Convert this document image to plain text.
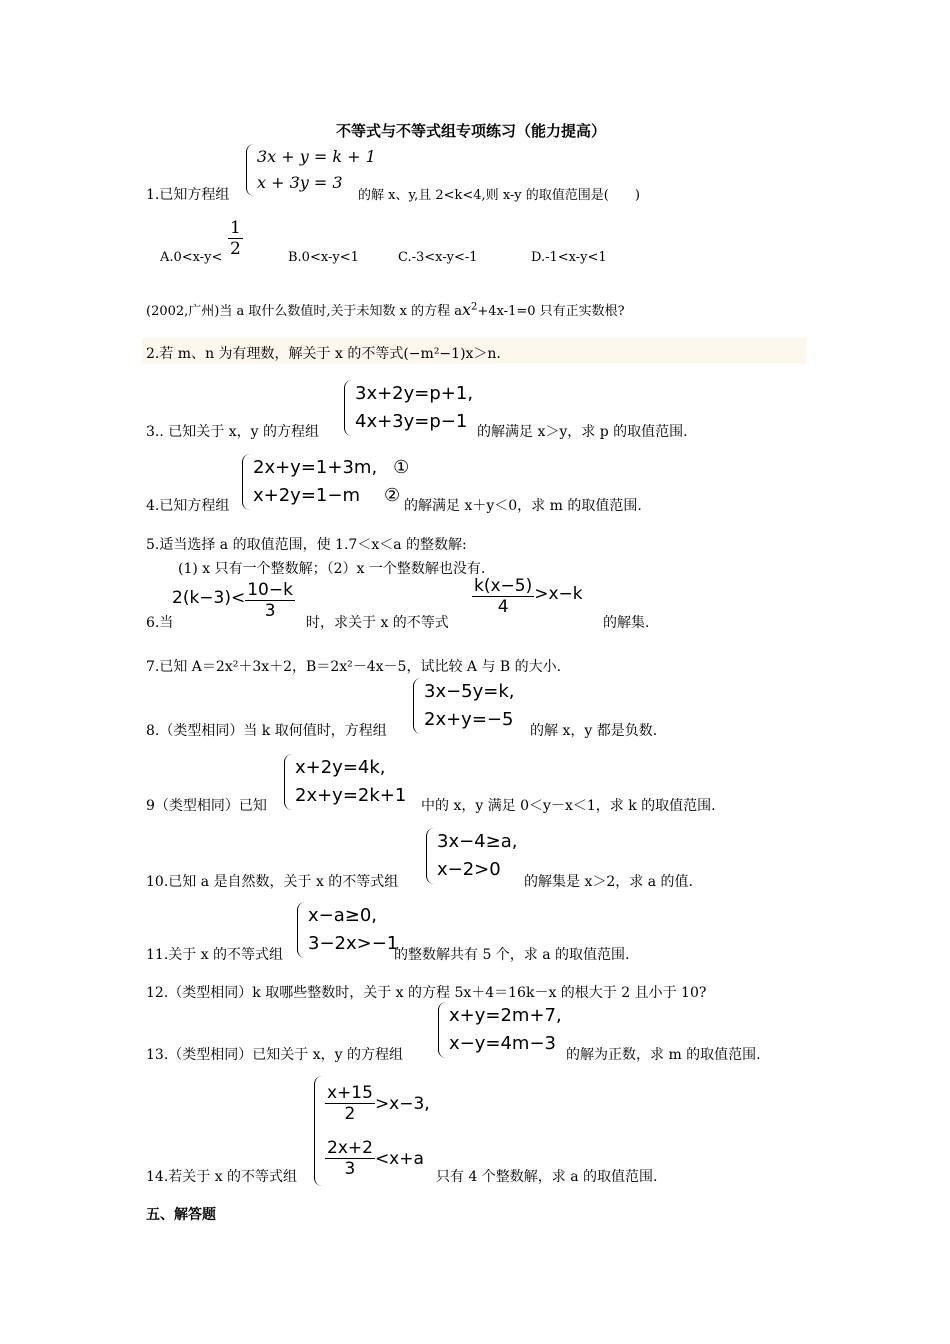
不等式与不等式组专项练习（能力提高）
3x + y = k + 1
x + 3y = 3
1.已知方程组	的解 x、y,且 2<k<4,则 x-y 的取值范围是(　　)
$A.0<x-y< \frac{1}{2}$	B.0<x-y<1	C.-3<x-y<-1	D.-1<x-y<1
(2002,广州)当 a 取什么数值时,关于未知数 x 的方程 $ax^2+4x-1=0$ 只有正实数根?
2.若 m、n 为有理数，解关于 x 的不等式(−m²−1)x＞n.
3x+2y=p+1,
4x+3y=p−1
3.. 已知关于 x，y 的方程组	的解满足 x＞y，求 p 的取值范围.
2x+y=1+3m, ①
x+2y=1−m ②
4.已知方程组	的解满足 x＋y＜0，求 m 的取值范围.
5.适当选择 a 的取值范围，使 1.7＜x＜a 的整数解:
(1) x 只有一个整数解；（2）x 一个整数解也没有.
6.当
$2(k-3)< \frac{10-k}{3}$
时，求关于 x 的不等式
$\frac{k(x-5)}{4} >x-k$
的解集.
7.已知 A＝2x²＋3x＋2，B＝2x²－4x－5，试比较 A 与 B 的大小.
3x−5y=k,
2x+y=−5
8.（类型相同）当 k 取何值时，方程组	的解 x，y 都是负数.
x+2y=4k,
2x+y=2k+1
9（类型相同）已知	中的 x，y 满足 0＜y－x＜1，求 k 的取值范围.
3x−4≥a,
x−2>0
10.已知 a 是自然数，关于 x 的不等式组	的解集是 x＞2，求 a 的值.
x−a≥0,
3−2x>−1
11.关于 x 的不等式组	的整数解共有 5 个，求 a 的取值范围.
12.（类型相同）k 取哪些整数时，关于 x 的方程 5x＋4＝16k－x 的根大于 2 且小于 10?
x+y=2m+7,
x−y=4m−3
13.（类型相同）已知关于 x，y 的方程组	的解为正数，求 m 的取值范围.
$\frac{x+15}{2} >x-3$,
$\frac{2x+2}{3} <x+a$
14.若关于 x 的不等式组	只有 4 个整数解，求 a 的取值范围.
五、解答题
